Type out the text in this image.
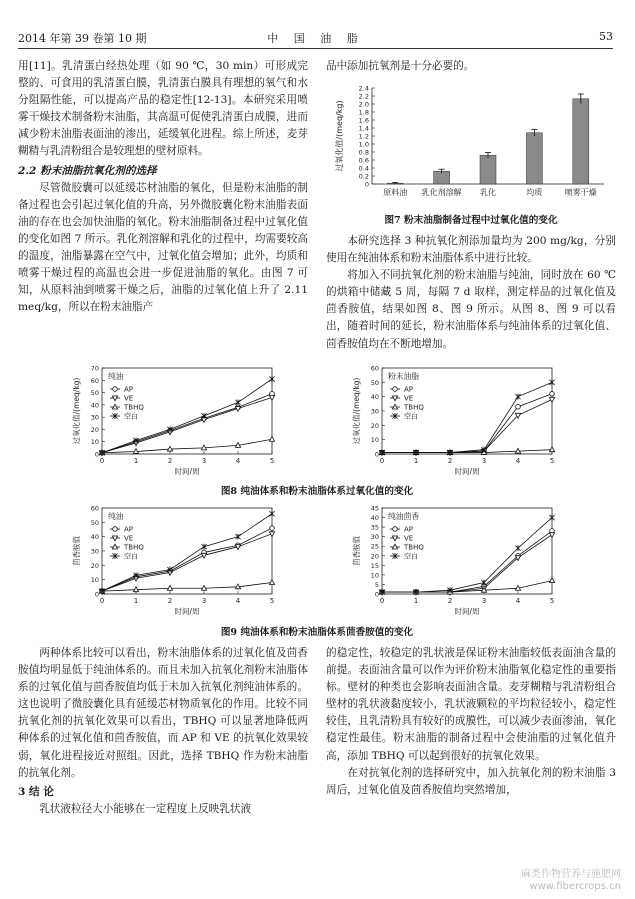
2014 年第 39 卷第 10 期	中 国 油 脂	53

用[11]。乳清蛋白经热处理（如 90 ℃，30 min）可形成完整的、可食用的乳清蛋白膜，乳清蛋白膜具有理想的氧气和水分阻隔性能，可以提高产品的稳定性[12-13]。本研究采用喷雾干燥技术制备粉末油脂，其高温可促使乳清蛋白成膜，进而减少粉末油脂表面油的渗出，延缓氧化进程。综上所述，麦芽糊精与乳清粉组合是较理想的壁材原料。

2.2 粉末油脂抗氧化剂的选择

尽管微胶囊可以延缓芯材油脂的氧化，但是粉末油脂的制备过程也会引起过氧化值的升高，另外微胶囊化粉末油脂表面油的存在也会加快油脂的氧化。粉末油脂制备过程中过氧化值的变化如图 7 所示。乳化剂溶解和乳化的过程中，均需要较高的温度，油脂暴露在空气中，过氧化值会增加；此外，均质和喷雾干燥过程的高温也会进一步促进油脂的氧化。由图 7 可知，从原料油到喷雾干燥之后，油脂的过氧化值上升了 2.11 meq/kg，所以在粉末油脂产

品中添加抗氧剂是十分必要的。

0
0.2
0.4
0.6
0.8
1.0
1.2
1.4
1.6
1.8
2.0
2.2
2.4
过氧化值/(meq/kg)
原料油 乳化剂溶解 乳化	均质	喷雾干燥
图7 粉末油脂制备过程中过氧化值的变化

本研究选择 3 种抗氧化剂添加量均为 200 mg/kg，分别使用在纯油体系和粉末油脂体系中进行比较。

将加入不同抗氧化剂的粉末油脂与纯油，同时放在 60 ℃ 的烘箱中储藏 5 周，每隔 7 d 取样，测定样品的过氧化值及茴香胺值，结果如图 8、图 9 所示。从图 8、图 9 可以看出，随着时间的延长，粉末油脂体系与纯油体系的过氧化值、茴香胺值均在不断地增加。

0
10
20
30
40
50
60
70
0	1	2	3	4	5
时间/周
过氧化值/(meq/kg)
纯油
AP
VE
TBHQ
空白
0
10
20
30
40
50
60
0	1	2	3	4	5
时间/周
过氧化值/(meq/kg)
粉末油脂
AP
VE
TBHQ
空白
图8 纯油体系和粉末油脂体系过氧化值的变化
0
10
20
30
40
50
60
0	1	2	3	4	5
时间/周
茴香胺值
纯油
AP
VE
TBHQ
空白
0
5
10
15
20
25
30
35
40
45
0	1	2	3	4	5
时间/周
茴香胺值
纯油茴香
AP
VE
TBHQ
空白
图9 纯油体系和粉末油脂体系茴香胺值的变化

两种体系比较可以看出，粉末油脂体系的过氧化值及茴香胺值均明显低于纯油体系的。而且未加入抗氧化剂粉末油脂体系的过氧化值与茴香胺值均低于未加入抗氧化剂纯油体系的。这也说明了微胶囊化具有延缓芯材物质氧化的作用。比较不同抗氧化剂的抗氧化效果可以看出，TBHQ 可以显著地降低两种体系的过氧化值和茴香胺值，而 AP 和 VE 的抗氧化效果较弱，氧化进程接近对照组。因此，选择 TBHQ 作为粉末油脂的抗氧化剂。

3 结 论

乳状液粒径大小能够在一定程度上反映乳状液

的稳定性，较稳定的乳状液是保证粉末油脂较低表面油含量的前提。表面油含量可以作为评价粉末油脂氧化稳定性的重要指标。壁材的种类也会影响表面油含量。麦芽糊精与乳清粉组合壁材的乳状液黏度较小，乳状液颗粒的平均粒径较小，稳定性较佳，且乳清粉具有较好的成膜性，可以减少表面渗油，氧化稳定性最佳。粉末油脂的制备过程中会使油脂的过氧化值升高，添加 TBHQ 可以起到很好的抗氧化效果。

在对抗氧化剂的选择研究中，加入抗氧化剂的粉末油脂 3 周后，过氧化值及茴香胺值均突然增加，

麻类作物营养与施肥网
www.fibercrops.cn
